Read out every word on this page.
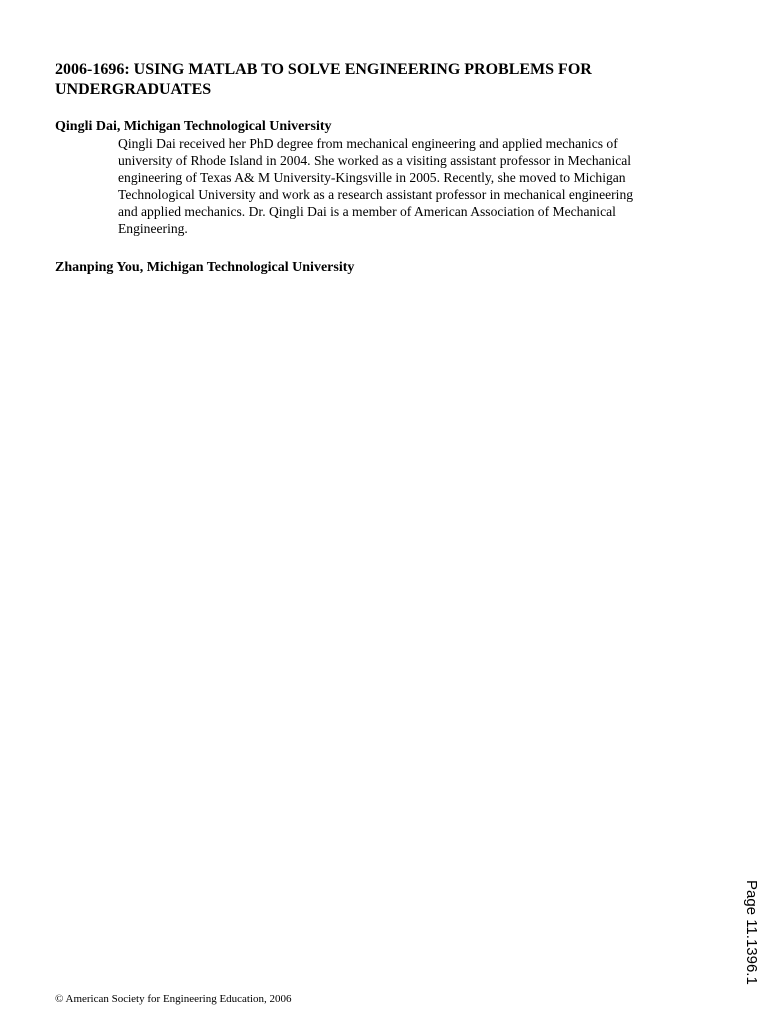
2006-1696: USING MATLAB TO SOLVE ENGINEERING PROBLEMS FOR UNDERGRADUATES
Qingli Dai, Michigan Technological University
Qingli Dai received her PhD degree from mechanical engineering and applied mechanics of
university of Rhode Island in 2004. She worked as a visiting assistant professor in Mechanical
engineering of Texas A& M University-Kingsville in 2005. Recently, she moved to Michigan
Technological University and work as a research assistant professor in mechanical engineering
and applied mechanics. Dr. Qingli Dai is a member of American Association of Mechanical
Engineering.
Zhanping You, Michigan Technological University
Page 11.1396.1
© American Society for Engineering Education, 2006
